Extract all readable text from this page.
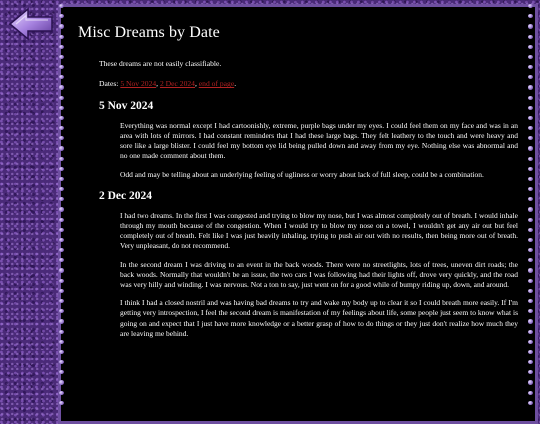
Misc Dreams by Date

These dreams are not easily classifiable.

Dates: 5 Nov 2024, 2 Dec 2024, end of page.

5 Nov 2024

Everything was normal except I had cartoonishly, extreme, purple bags under my eyes. I could feel them on my face and was in an area with lots of mirrors. I had constant reminders that I had these large bags. They felt leathery to the touch and were heavy and sore like a large blister. I could feel my bottom eye lid being pulled down and away from my eye. Nothing else was abnormal and no one made comment about them.

Odd and may be telling about an underlying feeling of ugliness or worry about lack of full sleep, could be a combination.

2 Dec 2024

I had two dreams. In the first I was congested and trying to blow my nose, but I was almost completely out of breath. I would inhale through my mouth because of the congestion. When I would try to blow my nose on a towel, I wouldn't get any air out but feel completely out of breath. Felt like I was just heavily inhaling, trying to push air out with no results, then being more out of breath. Very unpleasant, do not recommend.

In the second dream I was driving to an event in the back woods. There were no streetlights, lots of trees, uneven dirt roads; the back woods. Normally that wouldn't be an issue, the two cars I was following had their lights off, drove very quickly, and the road was very hilly and winding. I was nervous. Not a ton to say, just went on for a good while of bumpy riding up, down, and around.

I think I had a closed nostril and was having bad dreams to try and wake my body up to clear it so I could breath more easily. If I'm getting very introspection, I feel the second dream is manifestation of my feelings about life, some people just seem to know what is going on and expect that I just have more knowledge or a better grasp of how to do things or they just don't realize how much they are leaving me behind.
